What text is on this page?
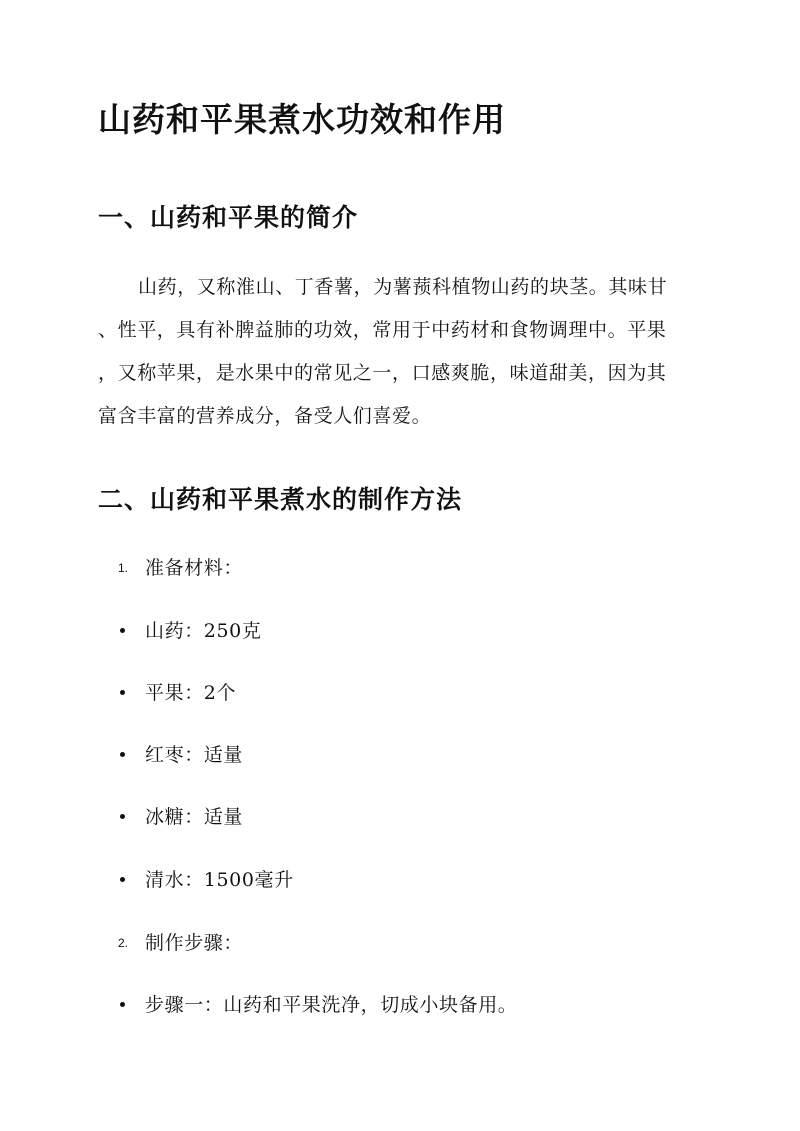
山药和平果煮水功效和作用
一、山药和平果的简介
山药，又称淮山、丁香薯，为薯蓣科植物山药的块茎。其味甘
、性平，具有补脾益肺的功效，常用于中药材和食物调理中。平果
，又称苹果，是水果中的常见之一，口感爽脆，味道甜美，因为其
富含丰富的营养成分，备受人们喜爱。
二、山药和平果煮水的制作方法
1. 准备材料：
山药：250克
平果：2个
红枣：适量
冰糖：适量
清水：1500毫升
2. 制作步骤：
步骤一：山药和平果洗净，切成小块备用。
